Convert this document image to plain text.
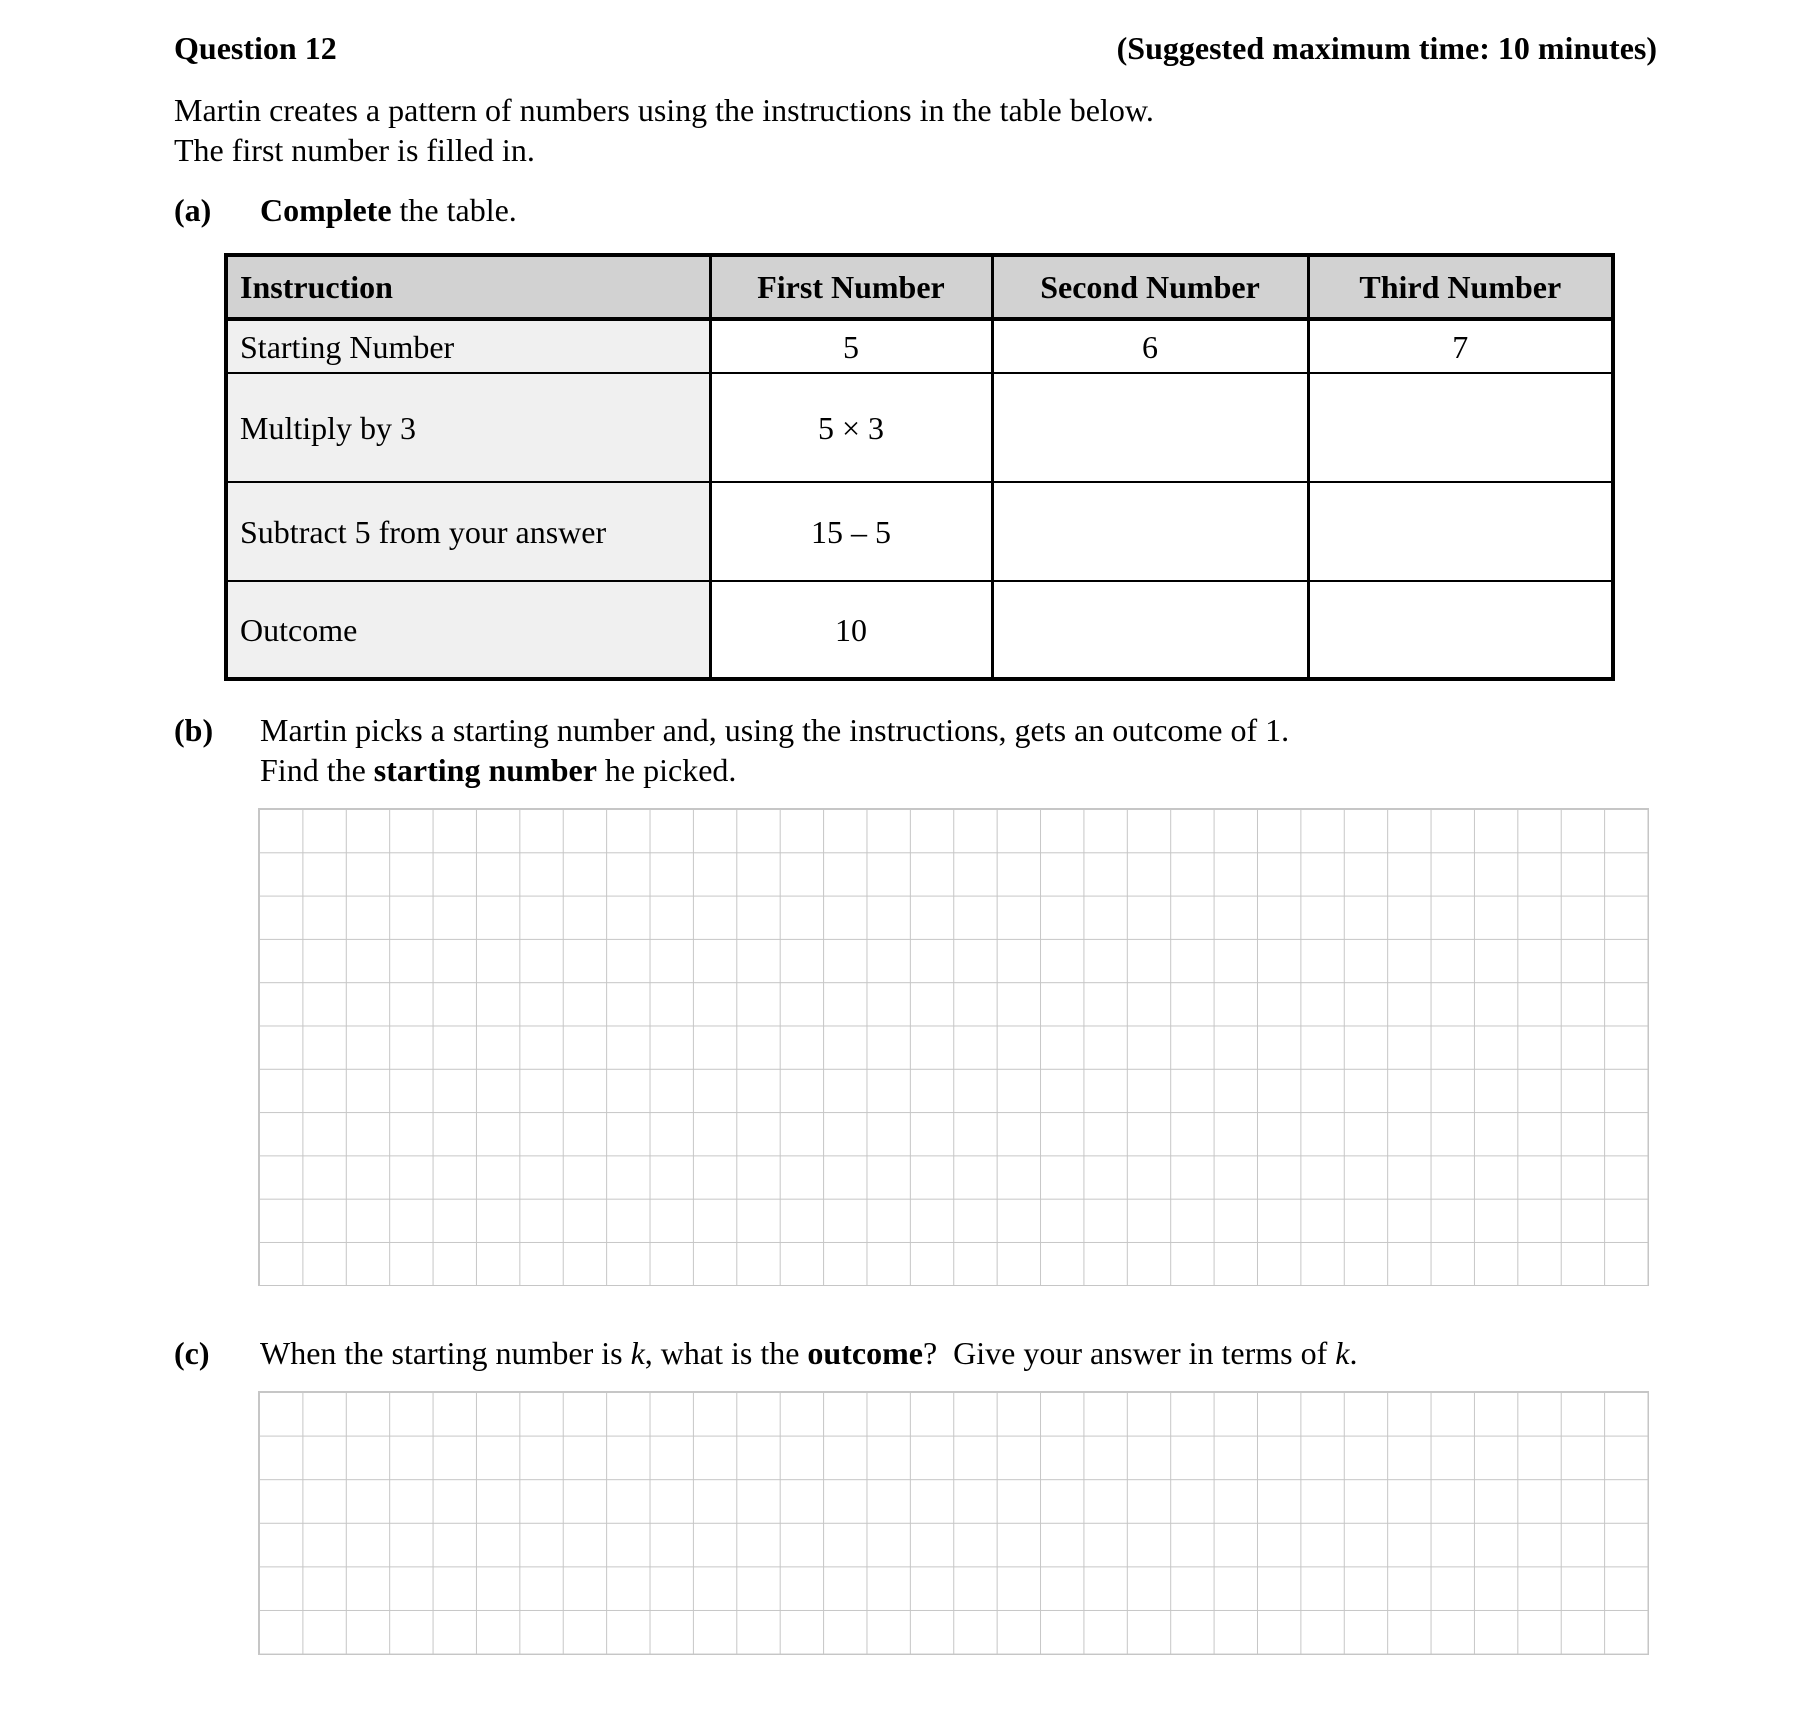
Question 12	(Suggested maximum time: 10 minutes)
Martin creates a pattern of numbers using the instructions in the table below.
The first number is filled in.
(a) Complete the table.
Instruction	First Number	Second Number	Third Number
Starting Number	5	6	7
Multiply by 3	5 × 3		
Subtract 5 from your answer	15 – 5		
Outcome	10		
(b) Martin picks a starting number and, using the instructions, gets an outcome of 1.
Find the starting number he picked.
(c) When the starting number is k, what is the outcome?  Give your answer in terms of k.
